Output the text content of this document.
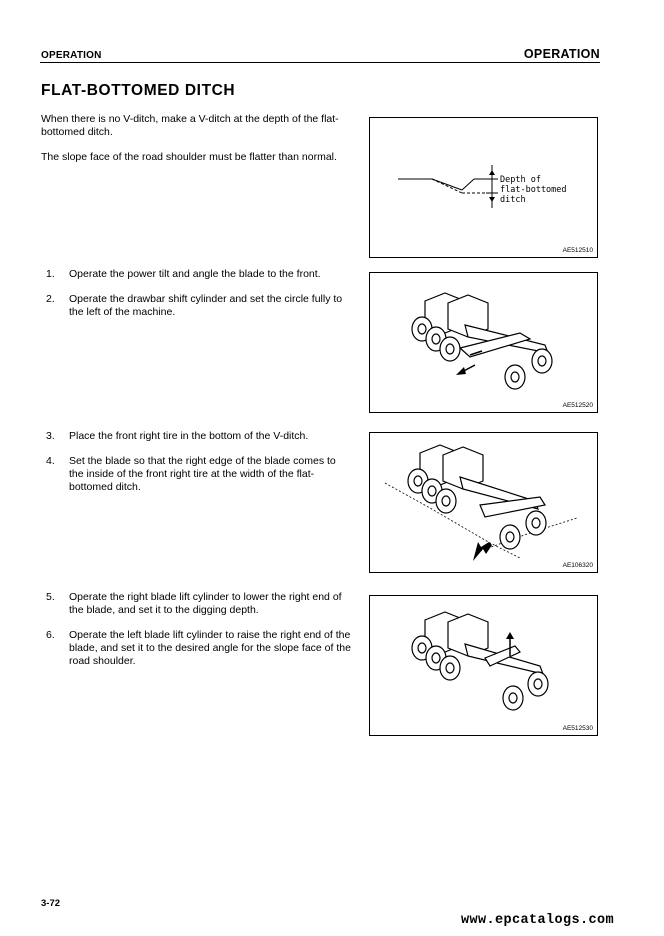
OPERATION	OPERATION
FLAT-BOTTOMED DITCH

When there is no V-ditch, make a V-ditch at the depth of the flat-bottomed ditch.

The slope face of the road shoulder must be flatter than normal.

1. Operate the power tilt and angle the blade to the front.
2. Operate the drawbar shift cylinder and set the circle fully to the left of the machine.
3. Place the front right tire in the bottom of the V-ditch.
4. Set the blade so that the right edge of the blade comes to the inside of the front right tire at the width of the flat-bottomed ditch.
5. Operate the right blade lift cylinder to lower the right end of the blade, and set it to the digging depth.
6. Operate the left blade lift cylinder to raise the right end of the blade, and set it to the desired angle for the slope face of the road shoulder.
Depth of
flat-bottomed
ditch
AE512510
AE512520
AE106320
AE512530
3-72
www.epcatalogs.com
